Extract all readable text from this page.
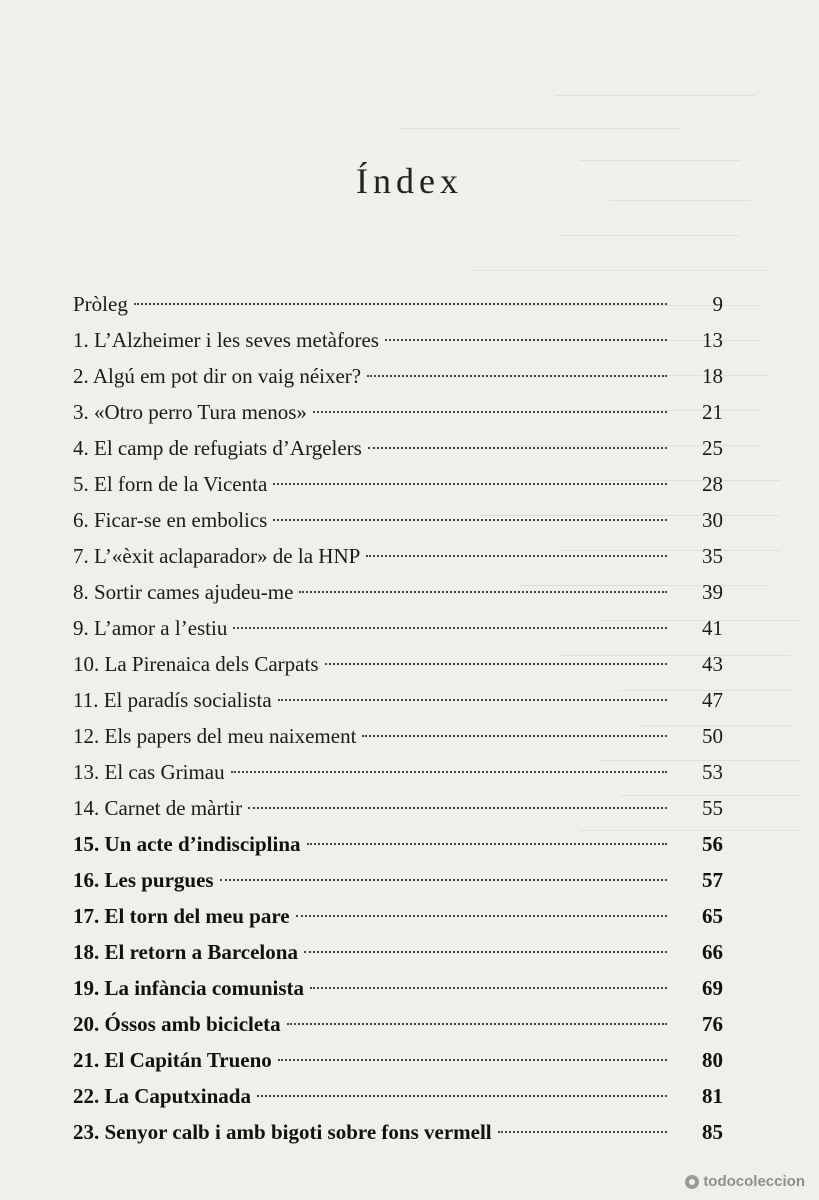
Índex
Pròleg	9
1. L’Alzheimer i les seves metàfores	13
2. Algú em pot dir on vaig néixer?	18
3. «Otro perro Tura menos»	21
4. El camp de refugiats d’Argelers	25
5. El forn de la Vicenta	28
6. Ficar-se en embolics	30
7. L’«èxit aclaparador» de la HNP	35
8. Sortir cames ajudeu-me	39
9. L’amor a l’estiu	41
10. La Pirenaica dels Carpats	43
11. El paradís socialista	47
12. Els papers del meu naixement	50
13. El cas Grimau	53
14. Carnet de màrtir	55
15. Un acte d’indisciplina	56
16. Les purgues	57
17. El torn del meu pare	65
18. El retorn a Barcelona	66
19. La infància comunista	69
20. Óssos amb bicicleta	76
21. El Capitán Trueno	80
22. La Caputxinada	81
23. Senyor calb i amb bigoti sobre fons vermell	85
todocoleccion
